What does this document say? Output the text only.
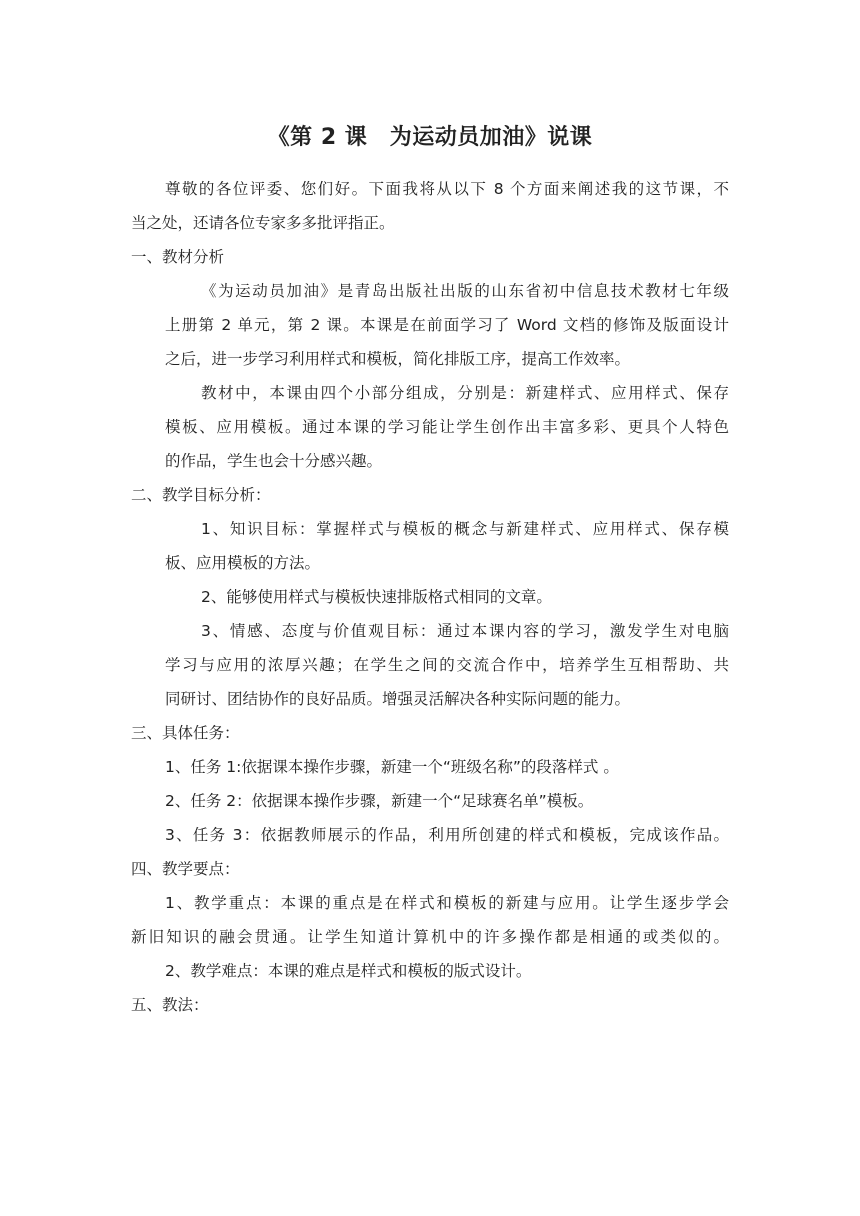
《第 2 课　为运动员加油》说课
尊敬的各位评委、您们好。下面我将从以下 8 个方面来阐述我的这节课，不
当之处，还请各位专家多多批评指正。
一、教材分析
《为运动员加油》是青岛出版社出版的山东省初中信息技术教材七年级
上册第 2 单元，第 2 课。本课是在前面学习了 Word 文档的修饰及版面设计
之后，进一步学习利用样式和模板，简化排版工序，提高工作效率。
教材中，本课由四个小部分组成，分别是：新建样式、应用样式、保存
模板、应用模板。通过本课的学习能让学生创作出丰富多彩、更具个人特色
的作品，学生也会十分感兴趣。
二、教学目标分析：
1、知识目标：掌握样式与模板的概念与新建样式、应用样式、保存模
板、应用模板的方法。
2、能够使用样式与模板快速排版格式相同的文章。
3、情感、态度与价值观目标：通过本课内容的学习，激发学生对电脑
学习与应用的浓厚兴趣；在学生之间的交流合作中，培养学生互相帮助、共
同研讨、团结协作的良好品质。增强灵活解决各种实际问题的能力。
三、具体任务：
1、任务 1:依据课本操作步骤，新建一个“班级名称”的段落样式 。
2、任务 2：依据课本操作步骤，新建一个“足球赛名单”模板。
3、任务 3：依据教师展示的作品，利用所创建的样式和模板，完成该作品。
四、教学要点：
1、教学重点：本课的重点是在样式和模板的新建与应用。让学生逐步学会
新旧知识的融会贯通。让学生知道计算机中的许多操作都是相通的或类似的。
2、教学难点：本课的难点是样式和模板的版式设计。
五、教法：
